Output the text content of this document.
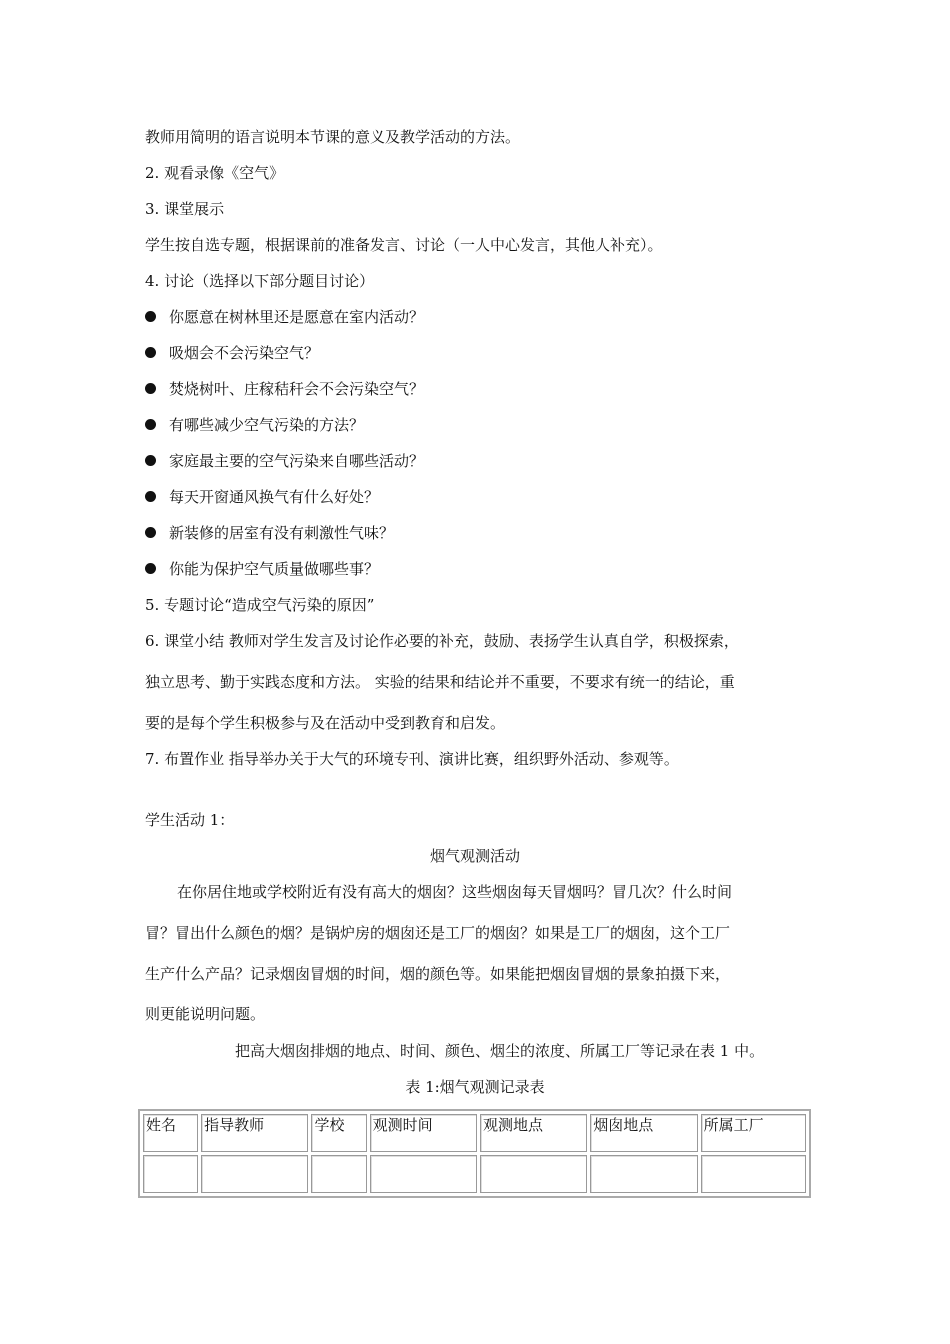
教师用简明的语言说明本节课的意义及教学活动的方法。
2. 观看录像《空气》
3. 课堂展示
学生按自选专题，根据课前的准备发言、讨论（一人中心发言，其他人补充）。
4. 讨论（选择以下部分题目讨论）
你愿意在树林里还是愿意在室内活动？
吸烟会不会污染空气？
焚烧树叶、庄稼秸秆会不会污染空气？
有哪些减少空气污染的方法？
家庭最主要的空气污染来自哪些活动？
每天开窗通风换气有什么好处？
新装修的居室有没有刺激性气味？
你能为保护空气质量做哪些事？
5. 专题讨论“造成空气污染的原因”
6. 课堂小结 教师对学生发言及讨论作必要的补充，鼓励、表扬学生认真自学，积极探索，
独立思考、勤于实践态度和方法。 实验的结果和结论并不重要，不要求有统一的结论，重
要的是每个学生积极参与及在活动中受到教育和启发。
7. 布置作业 指导举办关于大气的环境专刊、演讲比赛，组织野外活动、参观等。
学生活动 1：
烟气观测活动
在你居住地或学校附近有没有高大的烟囱？这些烟囱每天冒烟吗？冒几次？什么时间
冒？冒出什么颜色的烟？是锅炉房的烟囱还是工厂的烟囱？如果是工厂的烟囱，这个工厂
生产什么产品？记录烟囱冒烟的时间，烟的颜色等。如果能把烟囱冒烟的景象拍摄下来，
则更能说明问题。
把高大烟囱排烟的地点、时间、颜色、烟尘的浓度、所属工厂等记录在表 1 中。
表 1:烟气观测记录表
姓名	指导教师	学校	观测时间	观测地点	烟囱地点	所属工厂
